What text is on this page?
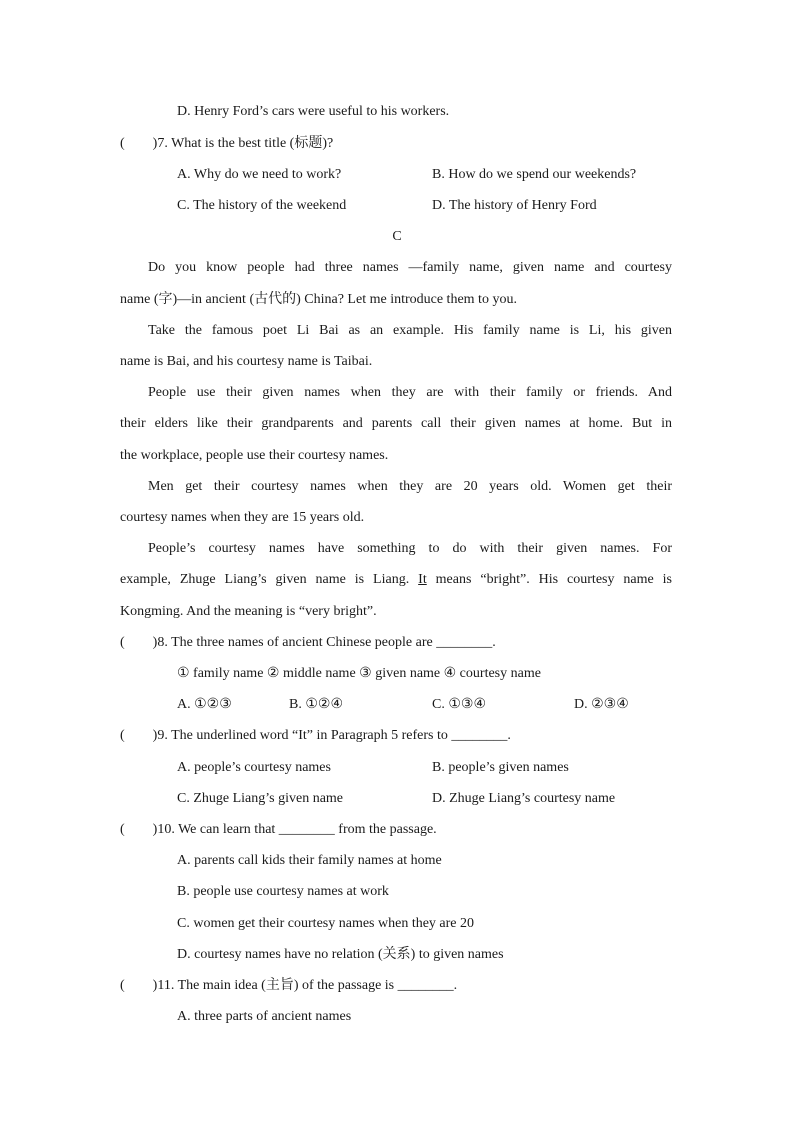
D. Henry Ford’s cars were useful to his workers.
( )7. What is the best title (标题)?
A. Why do we need to work?	B. How do we spend our weekends?
C. The history of the weekend	D. The history of Henry Ford
C
Do you know people had three names —family name, given name and courtesy
name (字)—in ancient (古代的) China? Let me introduce them to you.
Take the famous poet Li Bai as an example. His family name is Li, his given
name is Bai, and his courtesy name is Taibai.
People use their given names when they are with their family or friends. And
their elders like their grandparents and parents call their given names at home. But in
the workplace, people use their courtesy names.
Men get their courtesy names when they are 20 years old. Women get their
courtesy names when they are 15 years old.
People’s courtesy names have something to do with their given names. For
example, Zhuge Liang’s given name is Liang. It means “bright”. His courtesy name is
Kongming. And the meaning is “very bright”.
( )8. The three names of ancient Chinese people are ________.
① family name ② middle name ③ given name ④ courtesy name
A. ①②③	B. ①②④	C. ①③④	D. ②③④
( )9. The underlined word “It” in Paragraph 5 refers to ________.
A. people’s courtesy names	B. people’s given names
C. Zhuge Liang’s given name	D. Zhuge Liang’s courtesy name
( )10. We can learn that ________ from the passage.
A. parents call kids their family names at home
B. people use courtesy names at work
C. women get their courtesy names when they are 20
D. courtesy names have no relation (关系) to given names
( )11. The main idea (主旨) of the passage is ________.
A. three parts of ancient names
